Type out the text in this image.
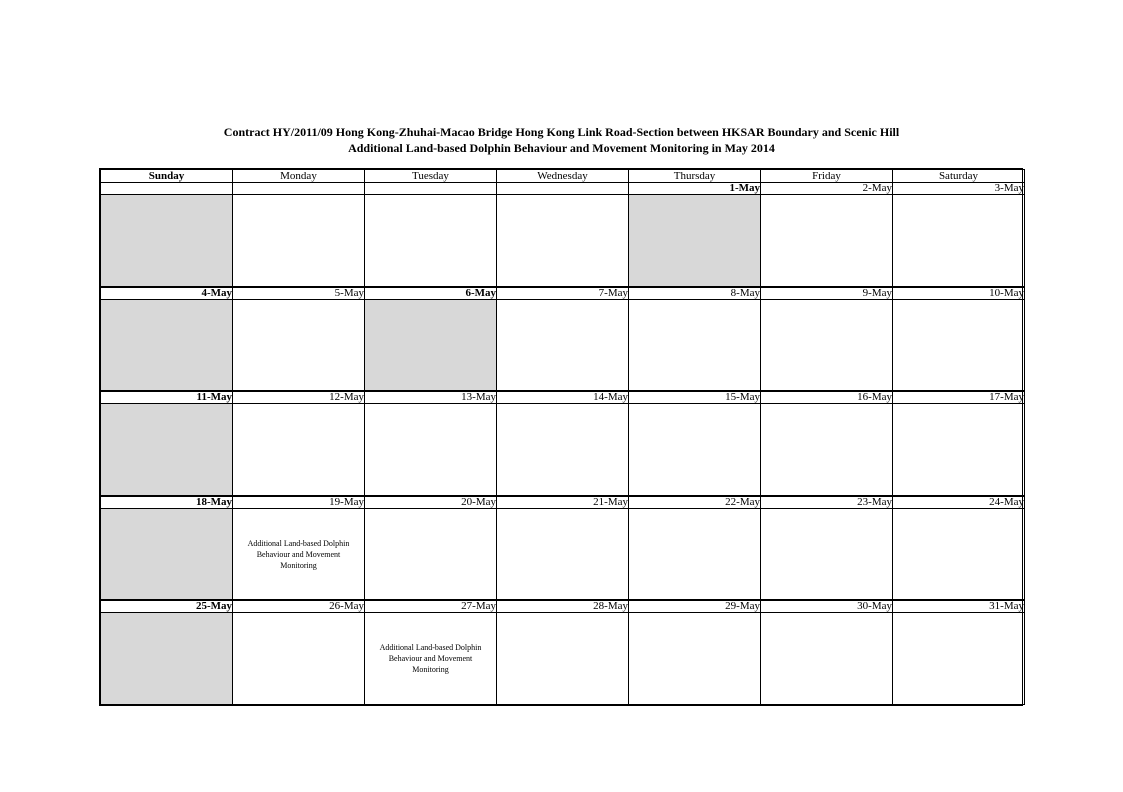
Contract HY/2011/09 Hong Kong-Zhuhai-Macao Bridge Hong Kong Link Road-Section between HKSAR Boundary and Scenic Hill
Additional Land-based Dolphin Behaviour and Movement Monitoring in May 2014
Sunday	Monday	Tuesday	Wednesday	Thursday	Friday	Saturday
				1-May	2-May	3-May

4-May	5-May	6-May	7-May	8-May	9-May	10-May

11-May	12-May	13-May	14-May	15-May	16-May	17-May

18-May	19-May	20-May	21-May	22-May	23-May	24-May

	Additional Land-based Dolphin Behaviour and Movement Monitoring					

25-May	26-May	27-May	28-May	29-May	30-May	31-May

		Additional Land-based Dolphin Behaviour and Movement Monitoring				
